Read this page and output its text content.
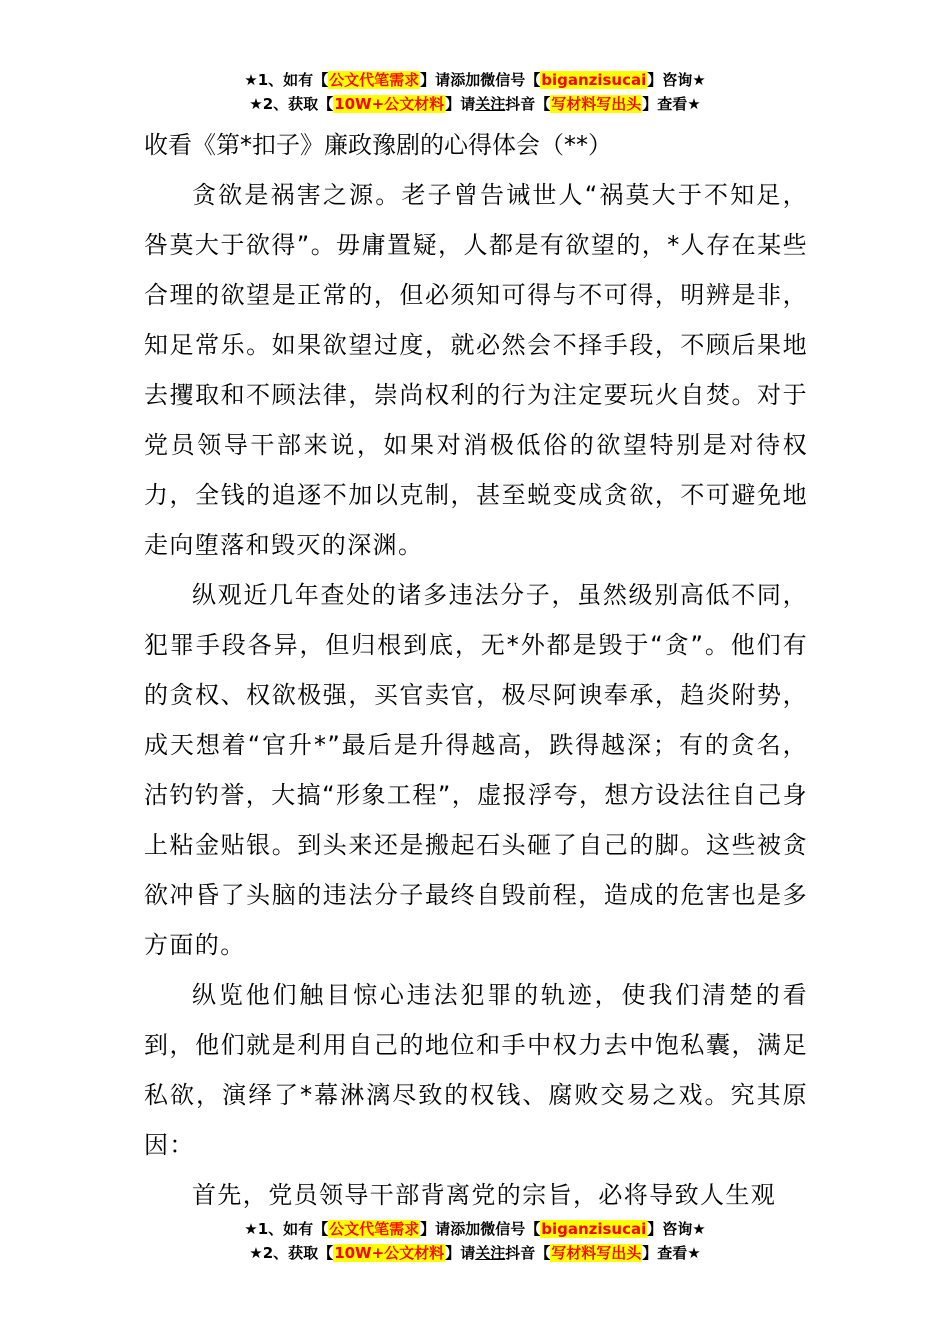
★1、如有【公文代笔需求】请添加微信号【biganzisucai】咨询★
★2、获取【10W+公文材料】请关注抖音【写材料写出头】查看★
收看《第*扣子》廉政豫剧的心得体会（**）

贪欲是祸害之源。老子曾告诫世人“祸莫大于不知足，咎莫大于欲得”。毋庸置疑，人都是有欲望的，*人存在某些合理的欲望是正常的，但必须知可得与不可得，明辨是非，知足常乐。如果欲望过度，就必然会不择手段，不顾后果地去攫取和不顾法律，崇尚权利的行为注定要玩火自焚。对于党员领导干部来说，如果对消极低俗的欲望特别是对待权力，全钱的追逐不加以克制，甚至蜕变成贪欲，不可避免地走向堕落和毁灭的深渊。

纵观近几年查处的诸多违法分子，虽然级别高低不同，犯罪手段各异，但归根到底，无*外都是毁于“贪”。他们有的贪权、权欲极强，买官卖官，极尽阿谀奉承，趋炎附势，成天想着“官升*”最后是升得越高，跌得越深；有的贪名，沽钓钓誉，大搞“形象工程”，虚报浮夸，想方设法往自己身上粘金贴银。到头来还是搬起石头砸了自己的脚。这些被贪欲冲昏了头脑的违法分子最终自毁前程，造成的危害也是多方面的。

纵览他们触目惊心违法犯罪的轨迹，使我们清楚的看到，他们就是利用自己的地位和手中权力去中饱私囊，满足私欲，演绎了*幕淋漓尽致的权钱、腐败交易之戏。究其原因：

首先，党员领导干部背离党的宗旨，必将导致人生观

★1、如有【公文代笔需求】请添加微信号【biganzisucai】咨询★
★2、获取【10W+公文材料】请关注抖音【写材料写出头】查看★
